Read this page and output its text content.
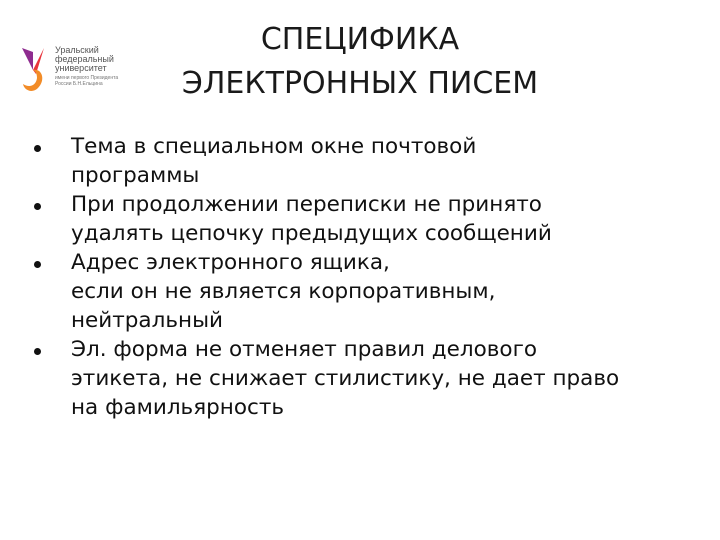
Уральский
федеральный
университет
имени первого Президента
России Б.Н.Ельцина
СПЕЦИФИКА
ЭЛЕКТРОННЫХ ПИСЕМ
Тема в специальном окне почтовой
программы
При продолжении переписки не принято
удалять цепочку предыдущих сообщений
Адрес электронного ящика,
если он не является корпоративным,
нейтральный
Эл. форма не отменяет правил делового
этикета, не снижает стилистику, не дает право
на фамильярность
